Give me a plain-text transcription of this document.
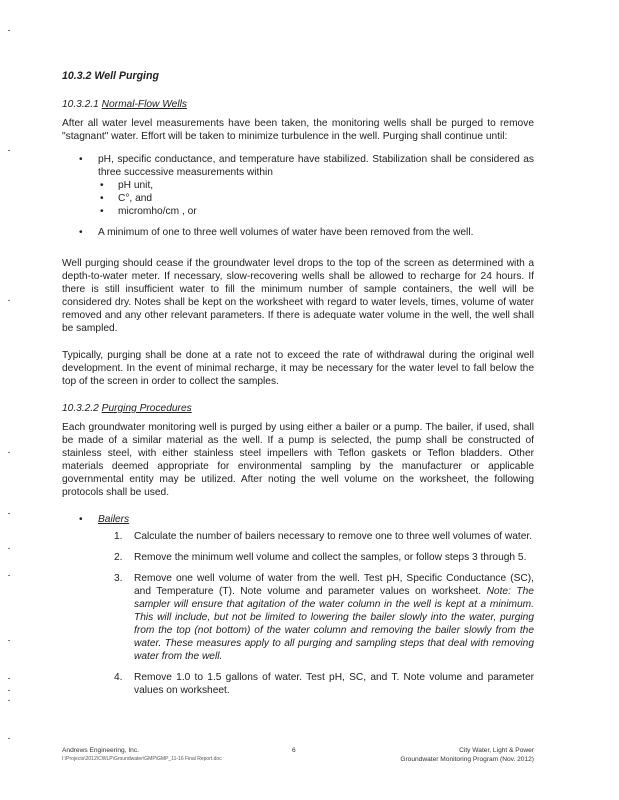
10.3.2 Well Purging
10.3.2.1 Normal-Flow Wells

After all water level measurements have been taken, the monitoring wells shall be purged to remove "stagnant" water. Effort will be taken to minimize turbulence in the well. Purging shall continue until:

• pH, specific conductance, and temperature have stabilized. Stabilization shall be considered as three successive measurements within
• pH unit,
• C°, and
• micromho/cm , or
• A minimum of one to three well volumes of water have been removed from the well.

Well purging should cease if the groundwater level drops to the top of the screen as determined with a depth-to-water meter. If necessary, slow-recovering wells shall be allowed to recharge for 24 hours. If there is still insufficient water to fill the minimum number of sample containers, the well will be considered dry. Notes shall be kept on the worksheet with regard to water levels, times, volume of water removed and any other relevant parameters. If there is adequate water volume in the well, the well shall be sampled.

Typically, purging shall be done at a rate not to exceed the rate of withdrawal during the original well development. In the event of minimal recharge, it may be necessary for the water level to fall below the top of the screen in order to collect the samples.

10.3.2.2 Purging Procedures

Each groundwater monitoring well is purged by using either a bailer or a pump. The bailer, if used, shall be made of a similar material as the well. If a pump is selected, the pump shall be constructed of stainless steel, with either stainless steel impellers with Teflon gaskets or Teflon bladders. Other materials deemed appropriate for environmental sampling by the manufacturer or applicable governmental entity may be utilized. After noting the well volume on the worksheet, the following protocols shall be used.

• Bailers
1. Calculate the number of bailers necessary to remove one to three well volumes of water.
2. Remove the minimum well volume and collect the samples, or follow steps 3 through 5.
3. Remove one well volume of water from the well. Test pH, Specific Conductance (SC), and Temperature (T). Note volume and parameter values on worksheet. Note: The sampler will ensure that agitation of the water column in the well is kept at a minimum. This will include, but not be limited to lowering the bailer slowly into the water, purging from the top (not bottom) of the water column and removing the bailer slowly from the water. These measures apply to all purging and sampling steps that deal with removing water from the well.
4. Remove 1.0 to 1.5 gallons of water. Test pH, SC, and T. Note volume and parameter values on worksheet.
Andrews Engineering, Inc.
I:\Projects\2012\CWLP\Groundwater\GMP\GMP_11-16 Final Report.doc
6	City Water, Light & Power
Groundwater Monitoring Program (Nov. 2012)
